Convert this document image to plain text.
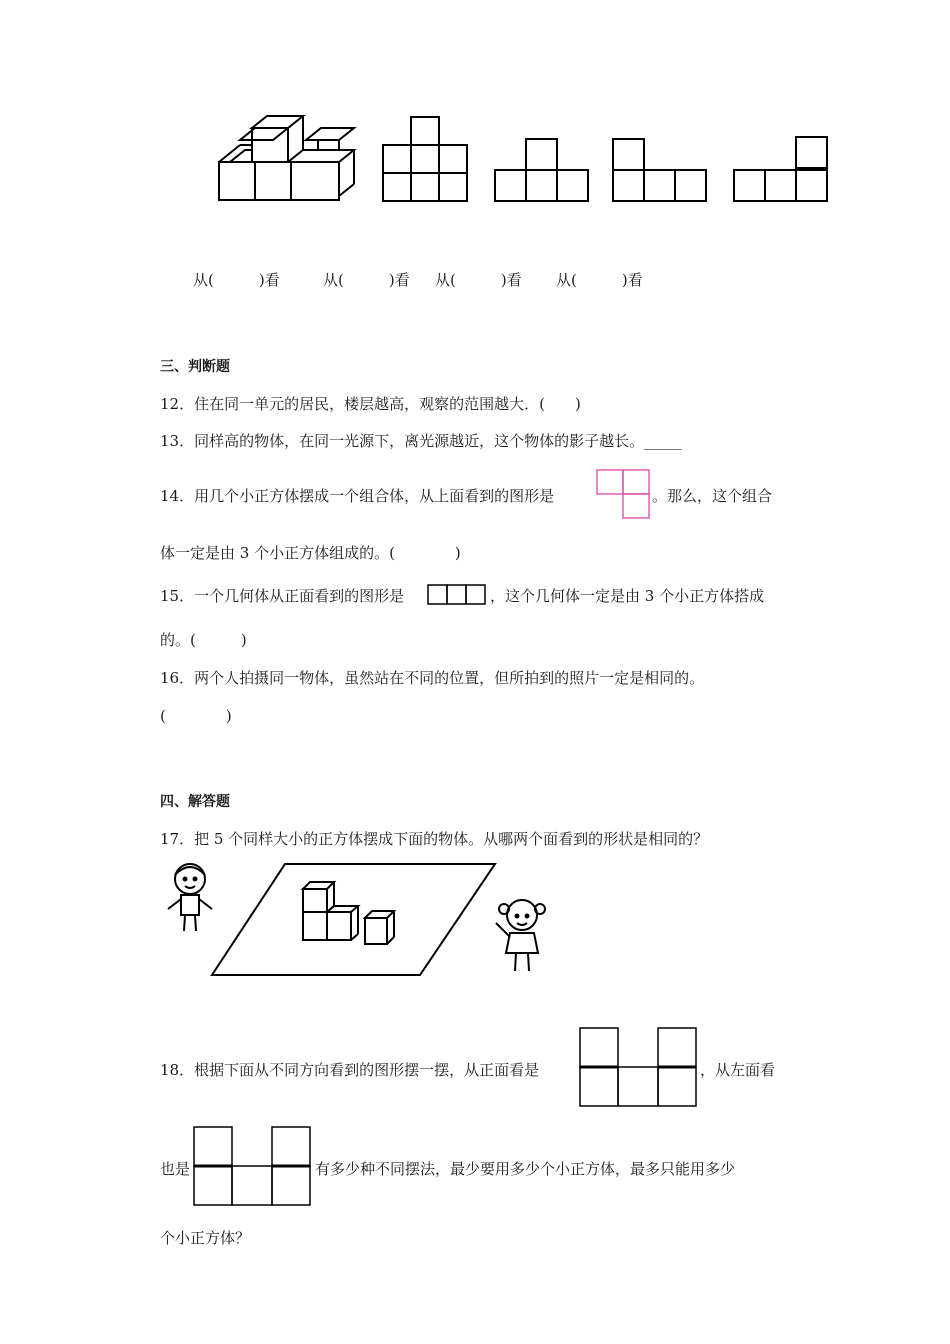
从(　　　)看	从(　　　)看 从(　　　)看 从(　　　)看
三、判断题
12．住在同一单元的居民，楼层越高，观察的范围越大．(　　)
13．同样高的物体，在同一光源下，离光源越近，这个物体的影子越长。_____
14．用几个小正方体摆成一个组合体，从上面看到的图形是	。那么，这个组合
体一定是由 3 个小正方体组成的。(　　　　)
15．一个几何体从正面看到的图形是	，这个几何体一定是由 3 个小正方体搭成
的。(　　　)
16．两个人拍摄同一物体，虽然站在不同的位置，但所拍到的照片一定是相同的。
(　　　　)
四、解答题
17．把 5 个同样大小的正方体摆成下面的物体。从哪两个面看到的形状是相同的？
18．根据下面从不同方向看到的图形摆一摆，从正面看是	，从左面看
也是	有多少种不同摆法，最少要用多少个小正方体，最多只能用多少
个小正方体？
